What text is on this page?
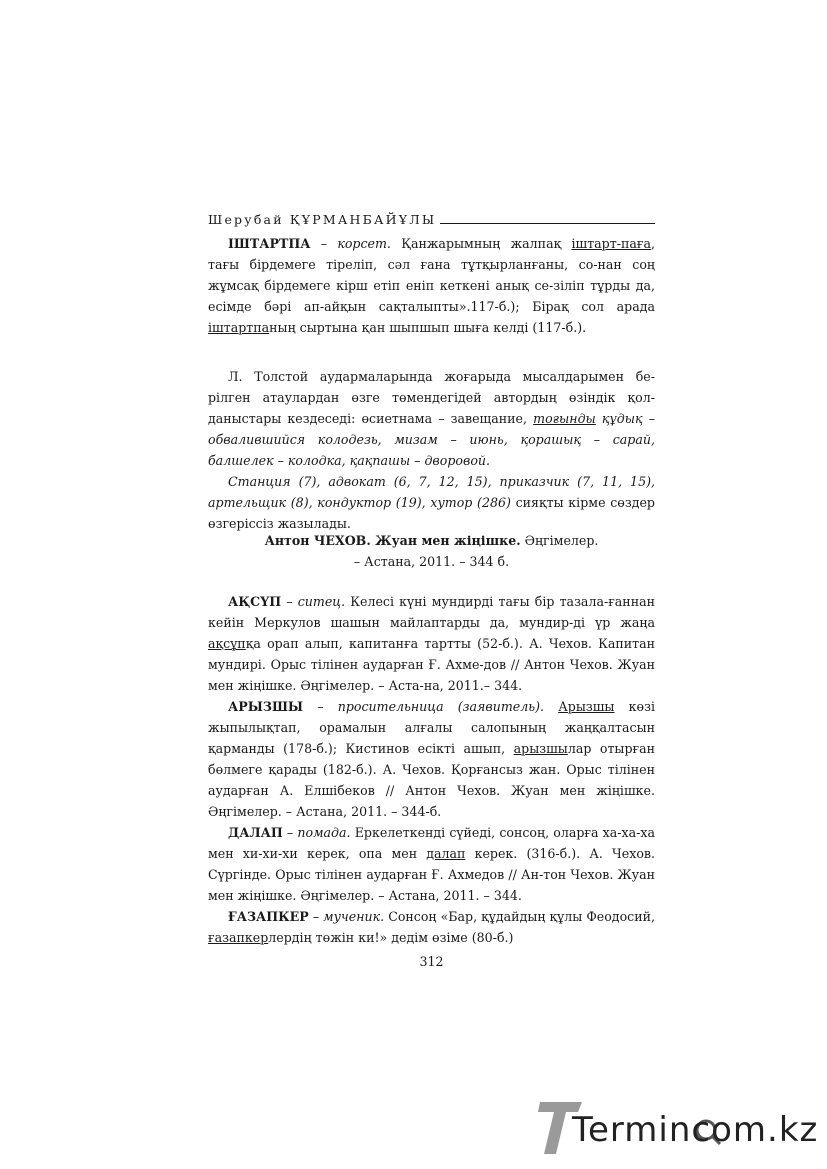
Шерубай ҚҰРМАНБАЙҰЛЫ

ІШТАРТПА – корсет. Қанжарымның жалпақ іштарт-паға, тағы бірдемеге тіреліп, сәл ғана тұтқырланғаны, со-нан соң жұмсақ бірдемеге кірш етіп еніп кеткені анық се-зіліп тұрды да, есімде бәрі ап-айқын сақталыпты».117-б.); Бірақ сол арада іштартпаның сыртына қан шыпшып шыға келді (117-б.).

Л. Толстой аудармаларында жоғарыда мысалдарымен бе-рілген атаулардан өзге төмендегідей автордың өзіндік қол-даныстары кездеседі: өсиетнама – завещание, тоғынды құдық – обвалившийся колодезь, мизам – июнь, қорашық – сарай, балшелек – колодка, қақпашы – дворовой.

Станция (7), адвокат (6, 7, 12, 15), приказчик (7, 11, 15), артельщик (8), кондуктор (19), хутор (286) сияқты кірме сөздер өзгеріссіз жазылады.

Антон ЧЕХОВ. Жуан мен жіңішке. Әңгімелер.

– Астана, 2011. – 344 б.

АҚСҮП – ситец. Келесі күні мундирді тағы бір тазала-ғаннан кейін Меркулов шашын майлаптарды да, мундир-ді үр жаңа ақсұпқа орап алып, капитанға тартты (52-б.). А. Чехов. Капитан мундирі. Орыс тілінен аударған Ғ. Ахме-дов // Антон Чехов. Жуан мен жіңішке. Әңгімелер. – Аста-на, 2011.– 344.

АРЫЗШЫ – просительница (заявитель). Арызшы көзі жыпылықтап, орамалын алғалы салопының жаңқалтасын қарманды (178-б.); Кистинов есікті ашып, арызшылар отырған бөлмеге қарады (182-б.). А. Чехов. Қорғансыз жан. Орыс тілінен аударған А. Елшібеков // Антон Чехов. Жуан мен жіңішке. Әңгімелер. – Астана, 2011. – 344-б.

ДАЛАП – помада. Еркелеткенді сүйеді, сонсоң, оларға ха-ха-ха мен хи-хи-хи керек, опа мен далап керек. (316-б.). А. Чехов. Сүргінде. Орыс тілінен аударған Ғ. Ахмедов // Ан-тон Чехов. Жуан мен жіңішке. Әңгімелер. – Астана, 2011. – 344.

ҒАЗАПКЕР – мученик. Сонсоң «Бар, құдайдың құлы Феодосий, ғазапкерлердің төжін ки!» дедім өзіме (80-б.)

312
Termincom.kz
